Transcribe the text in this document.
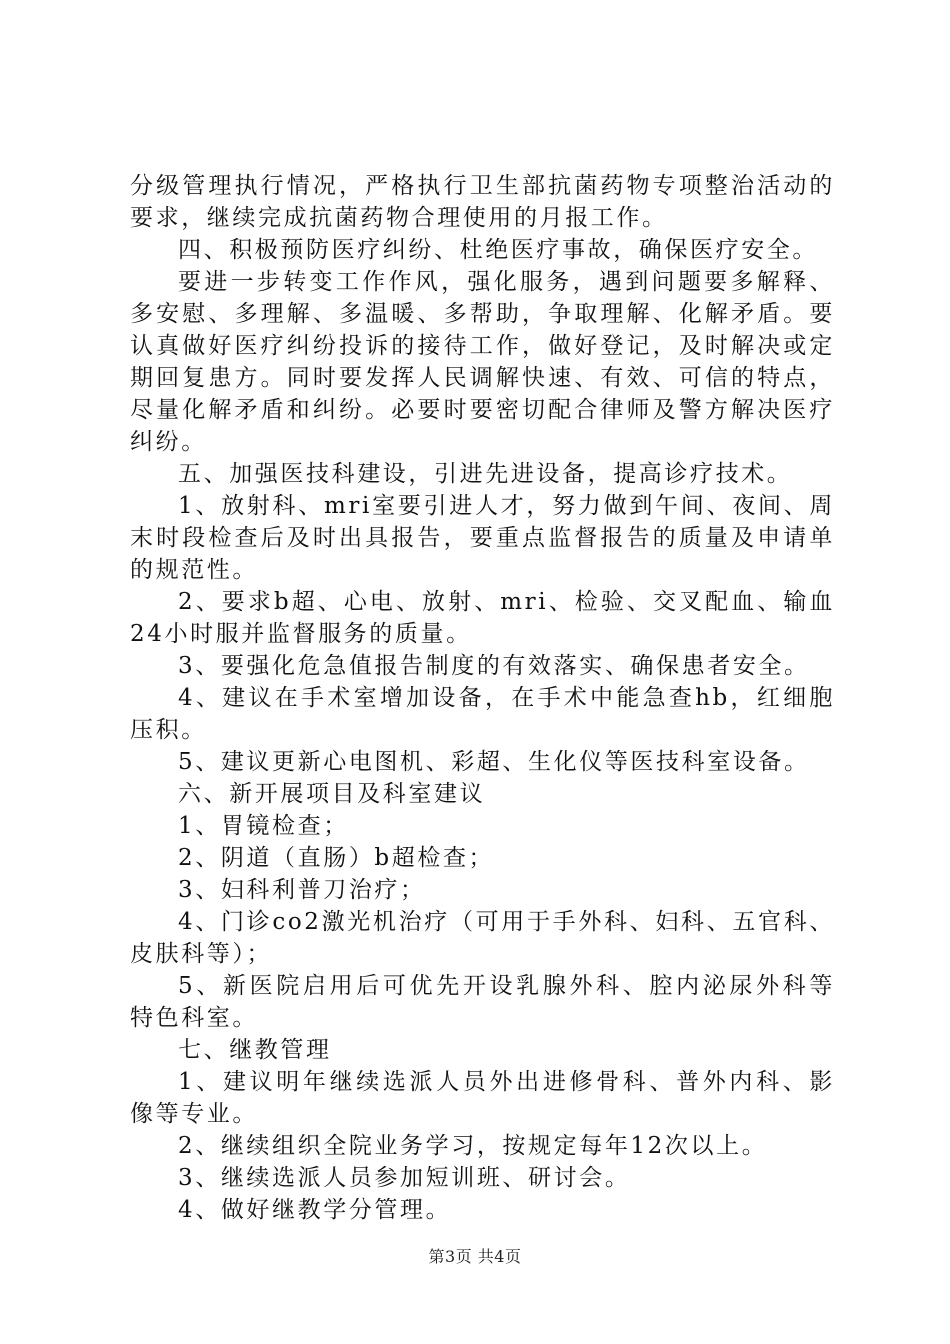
分级管理执行情况，严格执行卫生部抗菌药物专项整治活动的要求，继续完成抗菌药物合理使用的月报工作。

四、积极预防医疗纠纷、杜绝医疗事故，确保医疗安全。

要进一步转变工作作风，强化服务，遇到问题要多解释、多安慰、多理解、多温暖、多帮助，争取理解、化解矛盾。要认真做好医疗纠纷投诉的接待工作，做好登记，及时解决或定期回复患方。同时要发挥人民调解快速、有效、可信的特点，尽量化解矛盾和纠纷。必要时要密切配合律师及警方解决医疗纠纷。

五、加强医技科建设，引进先进设备，提高诊疗技术。

1、放射科、mri室要引进人才，努力做到午间、夜间、周末时段检查后及时出具报告，要重点监督报告的质量及申请单的规范性。

2、要求b超、心电、放射、mri、检验、交叉配血、输血24小时服并监督服务的质量。

3、要强化危急值报告制度的有效落实、确保患者安全。

4、建议在手术室增加设备，在手术中能急查hb，红细胞压积。

5、建议更新心电图机、彩超、生化仪等医技科室设备。

六、新开展项目及科室建议

1、胃镜检查；

2、阴道（直肠）b超检查；

3、妇科利普刀治疗；

4、门诊co2激光机治疗（可用于手外科、妇科、五官科、皮肤科等）；

5、新医院启用后可优先开设乳腺外科、腔内泌尿外科等特色科室。

七、继教管理

1、建议明年继续选派人员外出进修骨科、普外内科、影像等专业。

2、继续组织全院业务学习，按规定每年12次以上。

3、继续选派人员参加短训班、研讨会。

4、做好继教学分管理。

第3页 共4页
